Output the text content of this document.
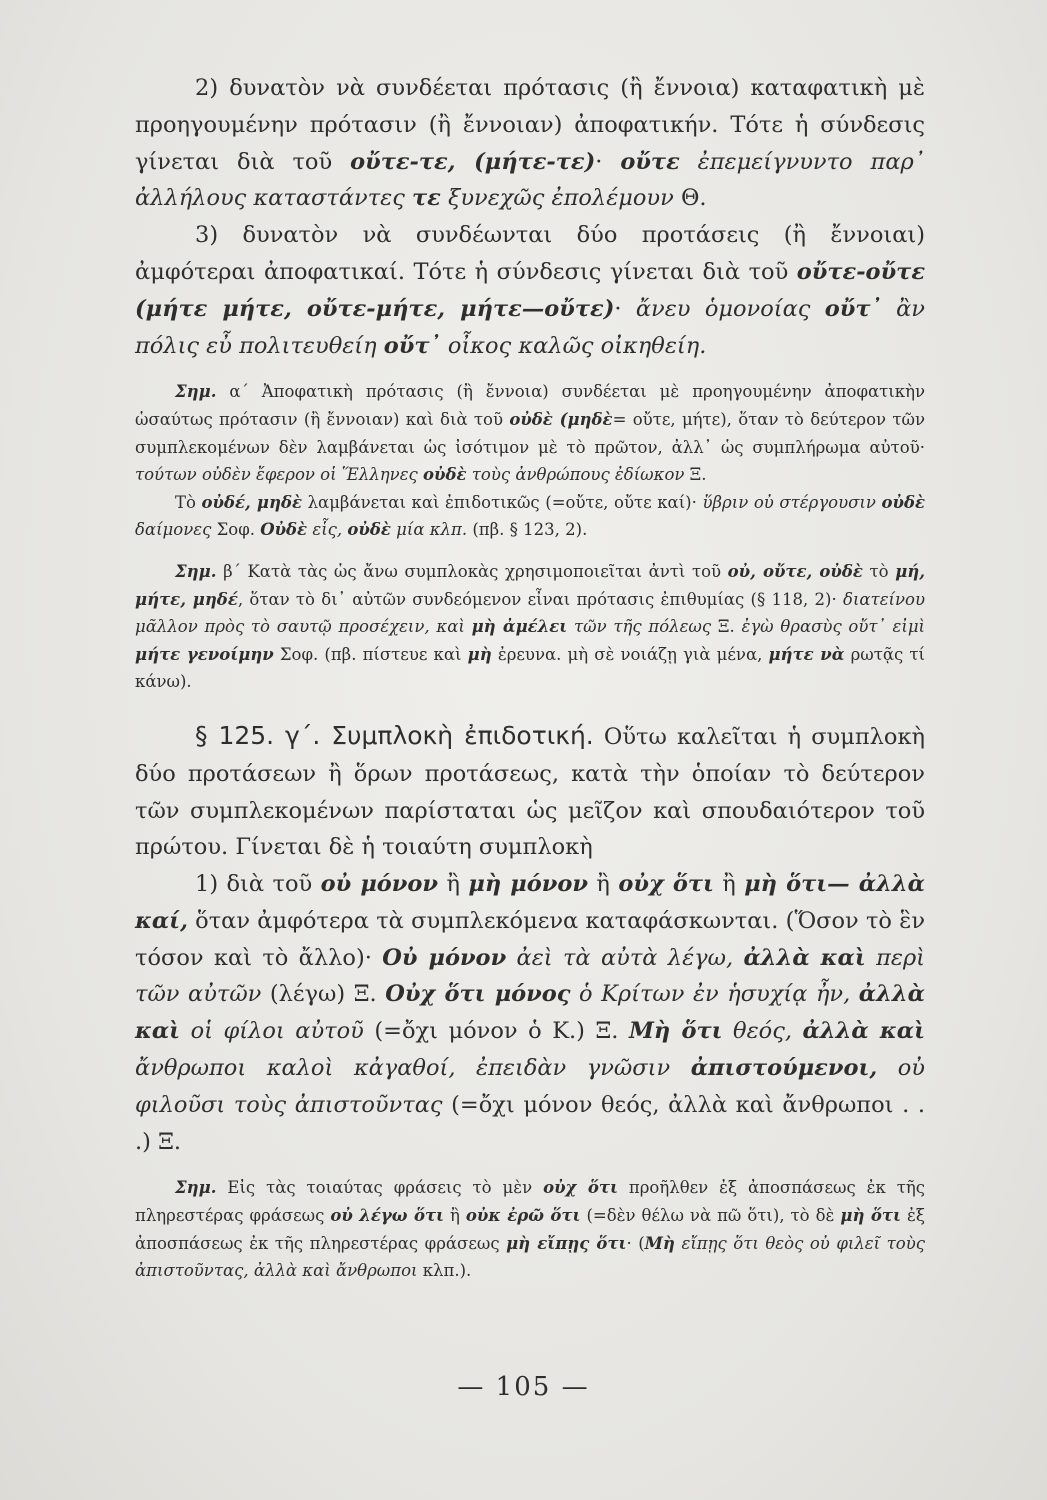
2) δυνατὸν νὰ συνδέεται πρότασις (ἢ ἔννοια) καταφατικὴ μὲ προηγουμένην πρότασιν (ἢ ἔννοιαν) ἀποφατικήν. Τότε ἡ σύνδεσις γίνεται διὰ τοῦ οὔτε-τε, (μήτε-τε)· οὔτε ἐπεμείγνυντο παρ᾽ ἀλλήλους καταστάντες τε ξυνεχῶς ἐπολέμουν Θ.

3) δυνατὸν νὰ συνδέωνται δύο προτάσεις (ἢ ἔννοιαι) ἀμφότεραι ἀποφατικαί. Τότε ἡ σύνδεσις γίνεται διὰ τοῦ οὔτε-οὔτε (μήτε μήτε, οὔτε-μήτε, μήτε—οὔτε)· ἄνευ ὁμονοίας οὔτ᾽ ἂν πόλις εὖ πολιτευθείη οὔτ᾽ οἶκος καλῶς οἰκηθείη.

Σημ. α΄ Ἀποφατικὴ πρότασις (ἢ ἔννοια) συνδέεται μὲ προηγουμένην ἀποφατικὴν ὡσαύτως πρότασιν (ἢ ἔννοιαν) καὶ διὰ τοῦ οὐδὲ (μηδὲ= οὔτε, μήτε), ὅταν τὸ δεύτερον τῶν συμπλεκομένων δὲν λαμβάνεται ὡς ἰσότιμον μὲ τὸ πρῶτον, ἀλλ᾽ ὡς συμπλήρωμα αὐτοῦ· τούτων οὐδὲν ἔφερον οἱ Ἕλληνες οὐδὲ τοὺς ἀνθρώπους ἐδίωκον Ξ.

Τὸ οὐδέ, μηδὲ λαμβάνεται καὶ ἐπιδοτικῶς (=οὔτε, οὔτε καί)· ὕβριν οὐ στέργουσιν οὐδὲ δαίμονες Σοφ. Οὐδὲ εἷς, οὐδὲ μία κλπ. (πβ. § 123, 2).

Σημ. β΄ Κατὰ τὰς ὡς ἄνω συμπλοκὰς χρησιμοποιεῖται ἀντὶ τοῦ οὐ, οὔτε, οὐδὲ τὸ μή, μήτε, μηδέ, ὅταν τὸ δι᾽ αὐτῶν συνδεόμενον εἶναι πρότασις ἐπιθυμίας (§ 118, 2)· διατείνου μᾶλλον πρὸς τὸ σαυτῷ προσέχειν, καὶ μὴ ἀμέλει τῶν τῆς πόλεως Ξ. ἐγὼ θρασὺς οὔτ᾽ εἰμὶ μήτε γενοίμην Σοφ. (πβ. πίστευε καὶ μὴ ἐρευνα. μὴ σὲ νοιάζῃ γιὰ μένα, μήτε νὰ ρωτᾷς τί κάνω).

§ 125. γ΄. Συμπλοκὴ ἐπιδοτική. Οὕτω καλεῖται ἡ συμπλοκὴ δύο προτάσεων ἢ ὅρων προτάσεως, κατὰ τὴν ὁποίαν τὸ δεύτερον τῶν συμπλεκομένων παρίσταται ὡς μεῖζον καὶ σπουδαιότερον τοῦ πρώτου. Γίνεται δὲ ἡ τοιαύτη συμπλοκὴ

1) διὰ τοῦ οὐ μόνον ἢ μὴ μόνον ἢ οὐχ ὅτι ἢ μὴ ὅτι— ἀλλὰ καί, ὅταν ἀμφότερα τὰ συμπλεκόμενα καταφάσκωνται. (Ὅσον τὸ ἓν τόσον καὶ τὸ ἄλλο)· Οὐ μόνον ἀεὶ τὰ αὐτὰ λέγω, ἀλλὰ καὶ περὶ τῶν αὐτῶν (λέγω) Ξ. Οὐχ ὅτι μόνος ὁ Κρίτων ἐν ἡσυχίᾳ ἦν, ἀλλὰ καὶ οἱ φίλοι αὐτοῦ (=ὄχι μόνον ὁ Κ.) Ξ. Μὴ ὅτι θεός, ἀλλὰ καὶ ἄνθρωποι καλοὶ κἀγαθοί, ἐπειδὰν γνῶσιν ἀπιστούμενοι, οὐ φιλοῦσι τοὺς ἀπιστοῦντας (=ὄχι μόνον θεός, ἀλλὰ καὶ ἄνθρωποι . . .) Ξ.

Σημ. Εἰς τὰς τοιαύτας φράσεις τὸ μὲν οὐχ ὅτι προῆλθεν ἐξ ἀποσπάσεως ἐκ τῆς πληρεστέρας φράσεως οὐ λέγω ὅτι ἢ οὐκ ἐρῶ ὅτι (=δὲν θέλω νὰ πῶ ὅτι), τὸ δὲ μὴ ὅτι ἐξ ἀποσπάσεως ἐκ τῆς πληρεστέρας φράσεως μὴ εἴπῃς ὅτι· (Μὴ εἴπῃς ὅτι θεὸς οὐ φιλεῖ τοὺς ἀπιστοῦντας, ἀλλὰ καὶ ἄνθρωποι κλπ.).

— 105 —
